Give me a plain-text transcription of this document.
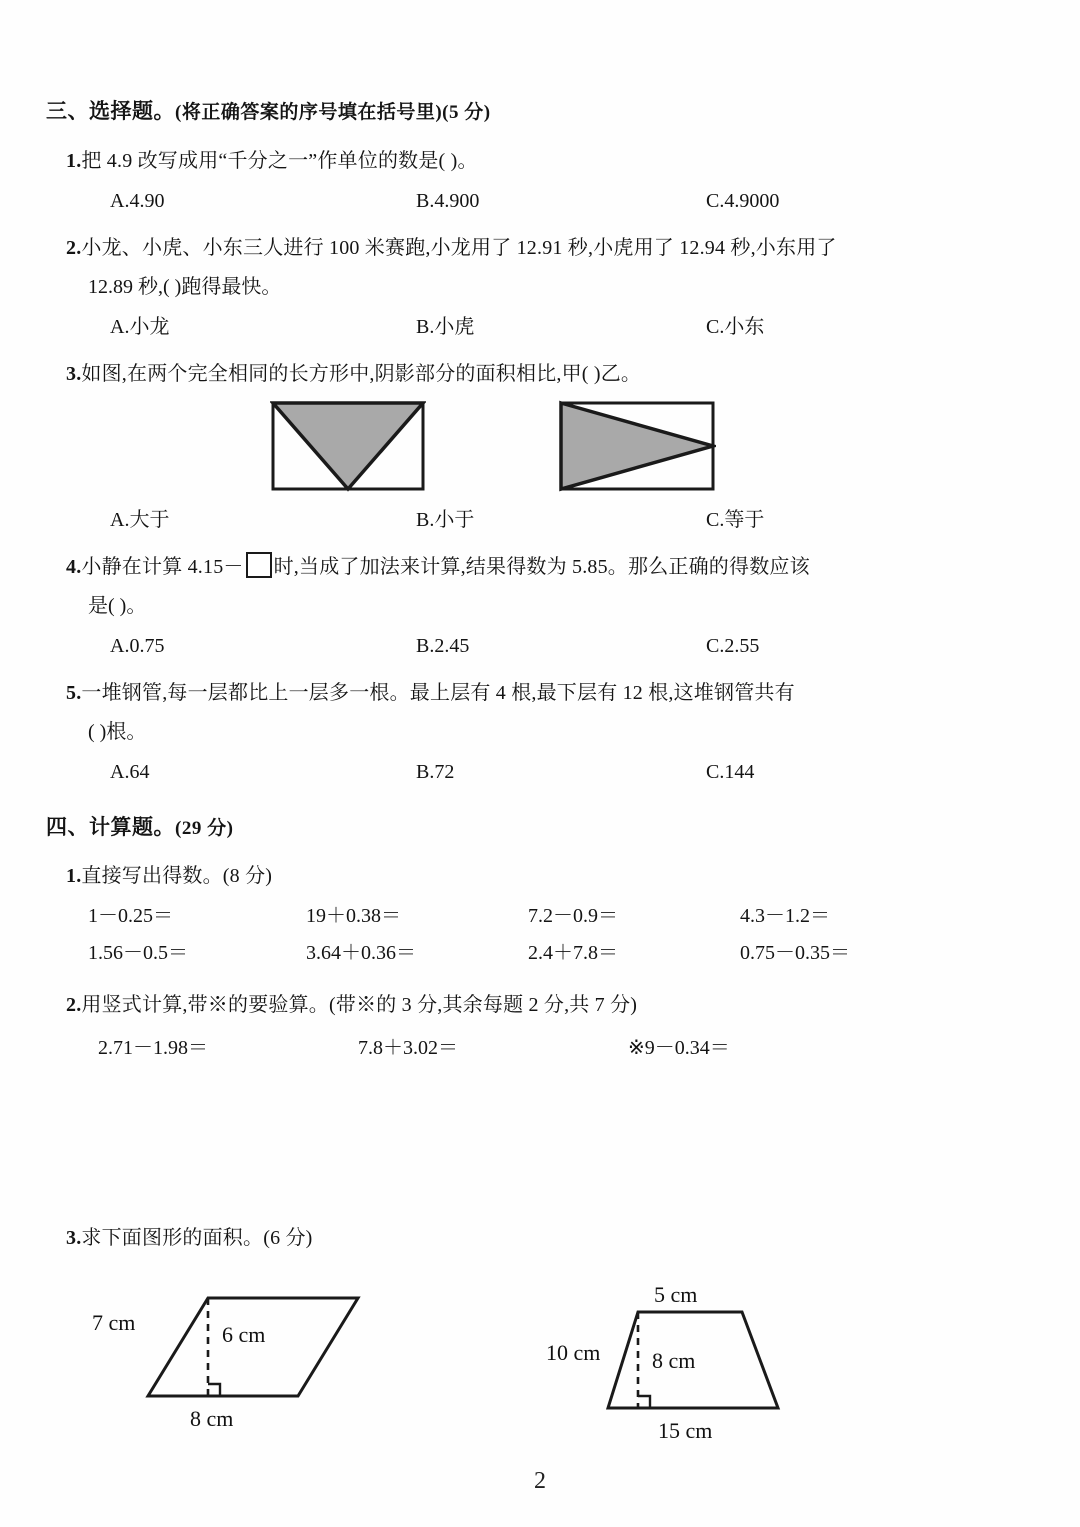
三、选择题。(将正确答案的序号填在括号里)(5 分)

1.把 4.9 改写成用“千分之一”作单位的数是( )。

A.4.90	B.4.900	C.4.9000

2.小龙、小虎、小东三人进行 100 米赛跑,小龙用了 12.91 秒,小虎用了 12.94 秒,小东用了

12.89 秒,( )跑得最快。

A.小龙	B.小虎	C.小东

3.如图,在两个完全相同的长方形中,阴影部分的面积相比,甲( )乙。

A.大于	B.小于	C.等于

4.小静在计算 4.15－ 时,当成了加法来计算,结果得数为 5.85。那么正确的得数应该

是( )。

A.0.75	B.2.45	C.2.55

5.一堆钢管,每一层都比上一层多一根。最上层有 4 根,最下层有 12 根,这堆钢管共有

( )根。

A.64	B.72	C.144
四、计算题。(29 分)

1.直接写出得数。(8 分)

1－0.25＝	19＋0.38＝	7.2－0.9＝	4.3－1.2＝
1.56－0.5＝	3.64＋0.36＝	2.4＋7.8＝	0.75－0.35＝

2.用竖式计算,带※的要验算。(带※的 3 分,其余每题 2 分,共 7 分)

2.71－1.98＝	7.8＋3.02＝	※9－0.34＝

3.求下面图形的面积。(6 分)

7 cm	6 cm
8 cm
5 cm
10 cm 8 cm
15 cm
2
